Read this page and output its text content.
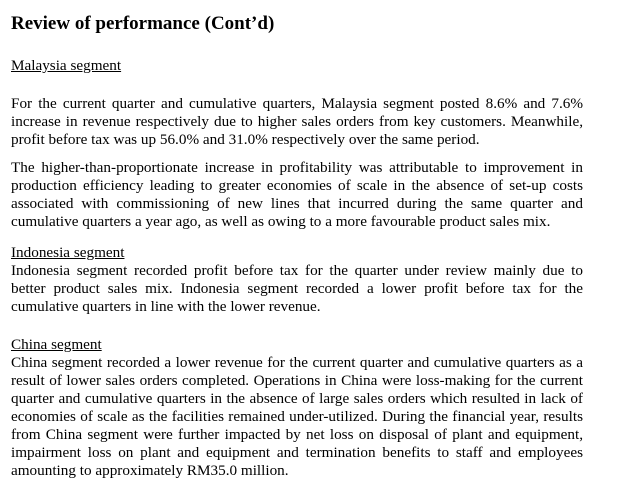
Review of performance (Cont’d)
Malaysia segment

For the current quarter and cumulative quarters, Malaysia segment posted 8.6% and 7.6% increase in revenue respectively due to higher sales orders from key customers. Meanwhile, profit before tax was up 56.0% and 31.0% respectively over the same period.

The higher-than-proportionate increase in profitability was attributable to improvement in production efficiency leading to greater economies of scale in the absence of set-up costs associated with commissioning of new lines that incurred during the same quarter and cumulative quarters a year ago, as well as owing to a more favourable product sales mix.

Indonesia segment

Indonesia segment recorded profit before tax for the quarter under review mainly due to better product sales mix. Indonesia segment recorded a lower profit before tax for the cumulative quarters in line with the lower revenue.

China segment

China segment recorded a lower revenue for the current quarter and cumulative quarters as a result of lower sales orders completed. Operations in China were loss-making for the current quarter and cumulative quarters in the absence of large sales orders which resulted in lack of economies of scale as the facilities remained under-utilized. During the financial year, results from China segment were further impacted by net loss on disposal of plant and equipment, impairment loss on plant and equipment and termination benefits to staff and employees amounting to approximately RM35.0 million.
